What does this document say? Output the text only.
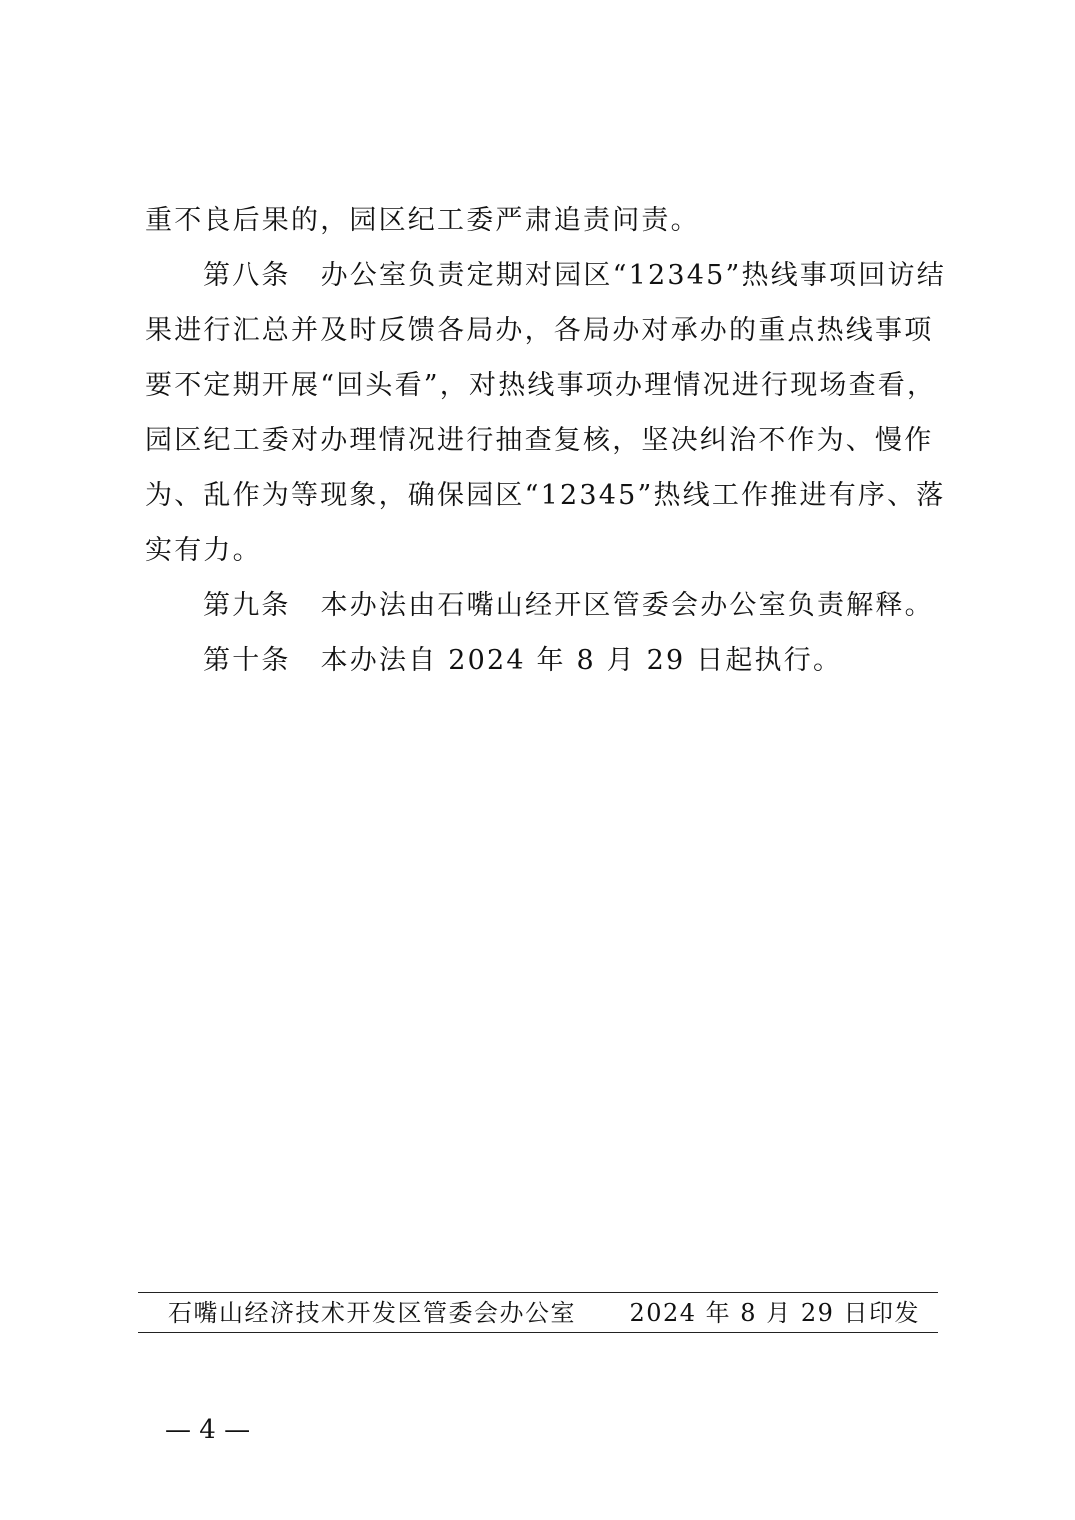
重不良后果的，园区纪工委严肃追责问责。
第八条 办公室负责定期对园区“12345”热线事项回访结
果进行汇总并及时反馈各局办，各局办对承办的重点热线事项
要不定期开展“回头看”，对热线事项办理情况进行现场查看，
园区纪工委对办理情况进行抽查复核，坚决纠治不作为、慢作
为、乱作为等现象，确保园区“12345”热线工作推进有序、落
实有力。
第九条 本办法由石嘴山经开区管委会办公室负责解释。
第十条 本办法自 2024 年 8 月 29 日起执行。
石嘴山经济技术开发区管委会办公室 2024 年 8 月 29 日印发
— 4 —
